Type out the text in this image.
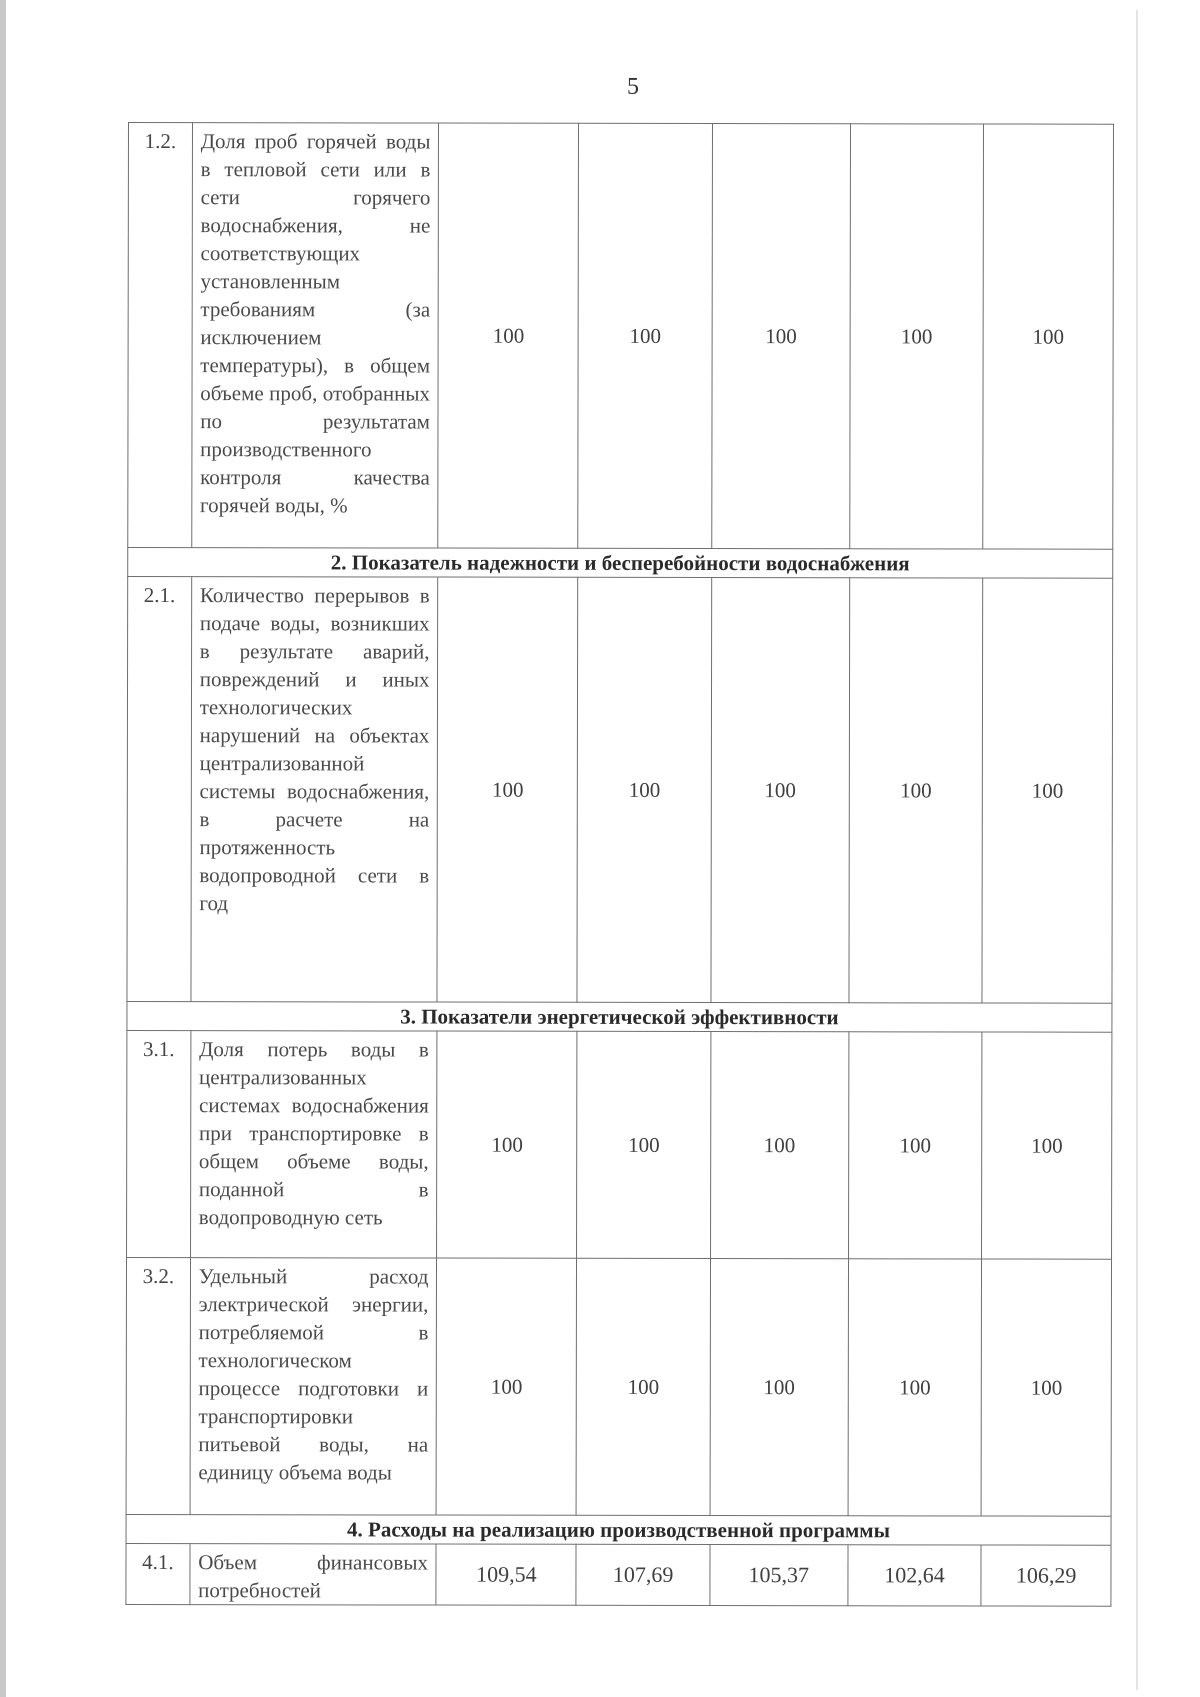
5
1.2.	Доля проб горячей воды в тепловой сети или в сети горячего водоснабжения, не соответствующих установленным требованиям (за исключением температуры), в общем объеме проб, отобранных по результатам производственного контроля качества горячей воды, %	100	100	100	100	100
2. Показатель надежности и бесперебойности водоснабжения						
2.1.	Количество перерывов в подаче воды, возникших в результате аварий, повреждений и иных технологических нарушений на объектах централизованной системы водоснабжения, в расчете на протяженность водопроводной сети в год	100	100	100	100	100
3. Показатели энергетической эффективности						
3.1.	Доля потерь воды в централизованных системах водоснабжения при транспортировке в общем объеме воды, поданной в водопроводную сеть	100	100	100	100	100
3.2.	Удельный расход электрической энергии, потребляемой в технологическом процессе подготовки и транспортировки питьевой воды, на единицу объема воды	100	100	100	100	100
4. Расходы на реализацию производственной программы						
4.1.	Объем финансовых потребностей	109,54	107,69	105,37	102,64	106,29
